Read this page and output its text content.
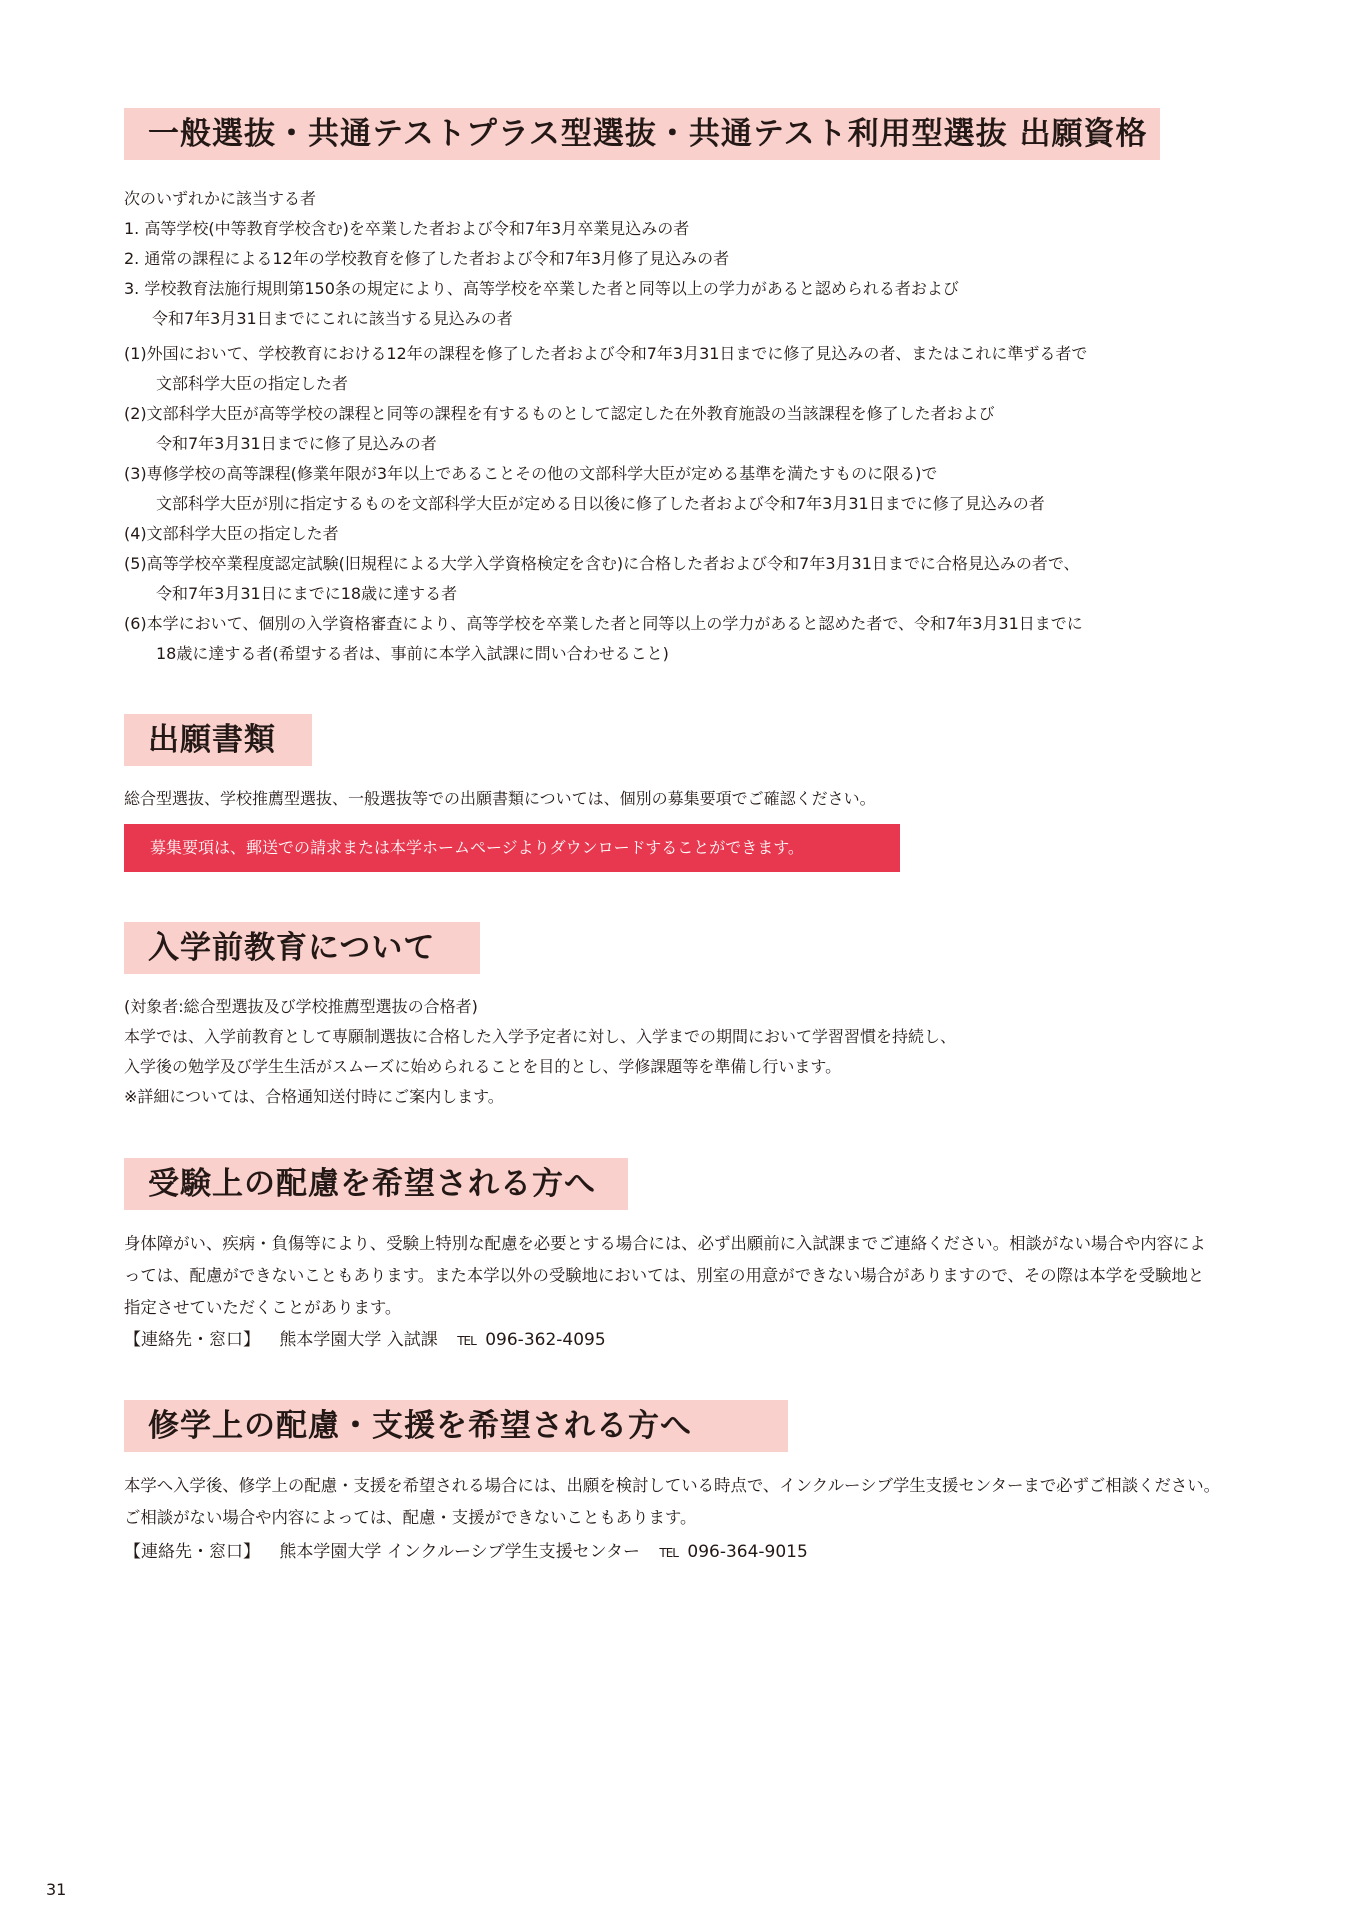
一般選抜・共通テストプラス型選抜・共通テスト利用型選抜 出願資格
次のいずれかに該当する者
1. 高等学校(中等教育学校含む)を卒業した者および令和7年3月卒業見込みの者
2. 通常の課程による12年の学校教育を修了した者および令和7年3月修了見込みの者
3. 学校教育法施行規則第150条の規定により、高等学校を卒業した者と同等以上の学力があると認められる者および
令和7年3月31日までにこれに該当する見込みの者
(1)外国において、学校教育における12年の課程を修了した者および令和7年3月31日までに修了見込みの者、またはこれに準ずる者で
文部科学大臣の指定した者
(2)文部科学大臣が高等学校の課程と同等の課程を有するものとして認定した在外教育施設の当該課程を修了した者および
令和7年3月31日までに修了見込みの者
(3)専修学校の高等課程(修業年限が3年以上であることその他の文部科学大臣が定める基準を満たすものに限る)で
文部科学大臣が別に指定するものを文部科学大臣が定める日以後に修了した者および令和7年3月31日までに修了見込みの者
(4)文部科学大臣の指定した者
(5)高等学校卒業程度認定試験(旧規程による大学入学資格検定を含む)に合格した者および令和7年3月31日までに合格見込みの者で、
令和7年3月31日にまでに18歳に達する者
(6)本学において、個別の入学資格審査により、高等学校を卒業した者と同等以上の学力があると認めた者で、令和7年3月31日までに
18歳に達する者(希望する者は、事前に本学入試課に問い合わせること)
出願書類
総合型選抜、学校推薦型選抜、一般選抜等での出願書類については、個別の募集要項でご確認ください。
募集要項は、郵送での請求または本学ホームページよりダウンロードすることができます。
入学前教育について
(対象者:総合型選抜及び学校推薦型選抜の合格者)
本学では、入学前教育として専願制選抜に合格した入学予定者に対し、入学までの期間において学習習慣を持続し、
入学後の勉学及び学生生活がスムーズに始められることを目的とし、学修課題等を準備し行います。
※詳細については、合格通知送付時にご案内します。
受験上の配慮を希望される方へ
身体障がい、疾病・負傷等により、受験上特別な配慮を必要とする場合には、必ず出願前に入試課までご連絡ください。相談がない場合や内容によ
っては、配慮ができないこともあります。また本学以外の受験地においては、別室の用意ができない場合がありますので、その際は本学を受験地と
指定させていただくことがあります。
【連絡先・窓口】 熊本学園大学 入試課 TEL 096-362-4095
修学上の配慮・支援を希望される方へ
本学へ入学後、修学上の配慮・支援を希望される場合には、出願を検討している時点で、インクルーシブ学生支援センターまで必ずご相談ください。
ご相談がない場合や内容によっては、配慮・支援ができないこともあります。
【連絡先・窓口】 熊本学園大学 インクルーシブ学生支援センター TEL 096-364-9015
31
